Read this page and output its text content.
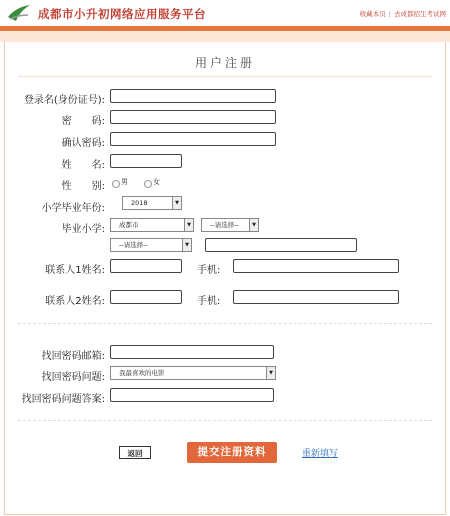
成都市小升初网络应用服务平台	收藏本页 | 去成都招生考试网
用户注册
登录名(身份证号):
密　　码:
确认密码:
姓　　名:
性　　别: 男	女
小学毕业年份:	2018	▼
毕业小学:	成都市	▼	--请选择--	▼
--请选择--	▼
联系人1姓名:	手机:
联系人2姓名:	手机:
找回密码邮箱:
找回密码问题:	我最喜欢的电影	▼
找回密码问题答案:
返回	提交注册资料	重新填写
